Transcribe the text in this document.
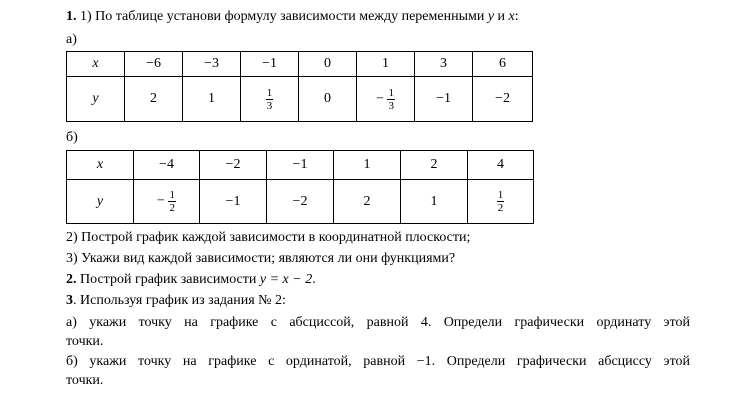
1. 1) По таблице установи формулу зависимости между переменными y и x:
а)
x	−6	−3	−1	0	1	3	6
y	2	1	$\frac{1}{3}$	0	− $\frac{1}{3}$	−1	−2
б)
x	−4	−2	−1	1	2	4
y	− $\frac{1}{2}$	−1	−2	2	1	$\frac{1}{2}$
2) Построй график каждой зависимости в координатной плоскости;
3) Укажи вид каждой зависимости; являются ли они функциями?
2. Построй график зависимости y = x − 2.
3. Используя график из задания № 2:
а) укажи точку на графике с абсциссой, равной 4. Определи графически ординату этой
точки.
б) укажи точку на графике с ординатой, равной −1. Определи графически абсциссу этой
точки.
